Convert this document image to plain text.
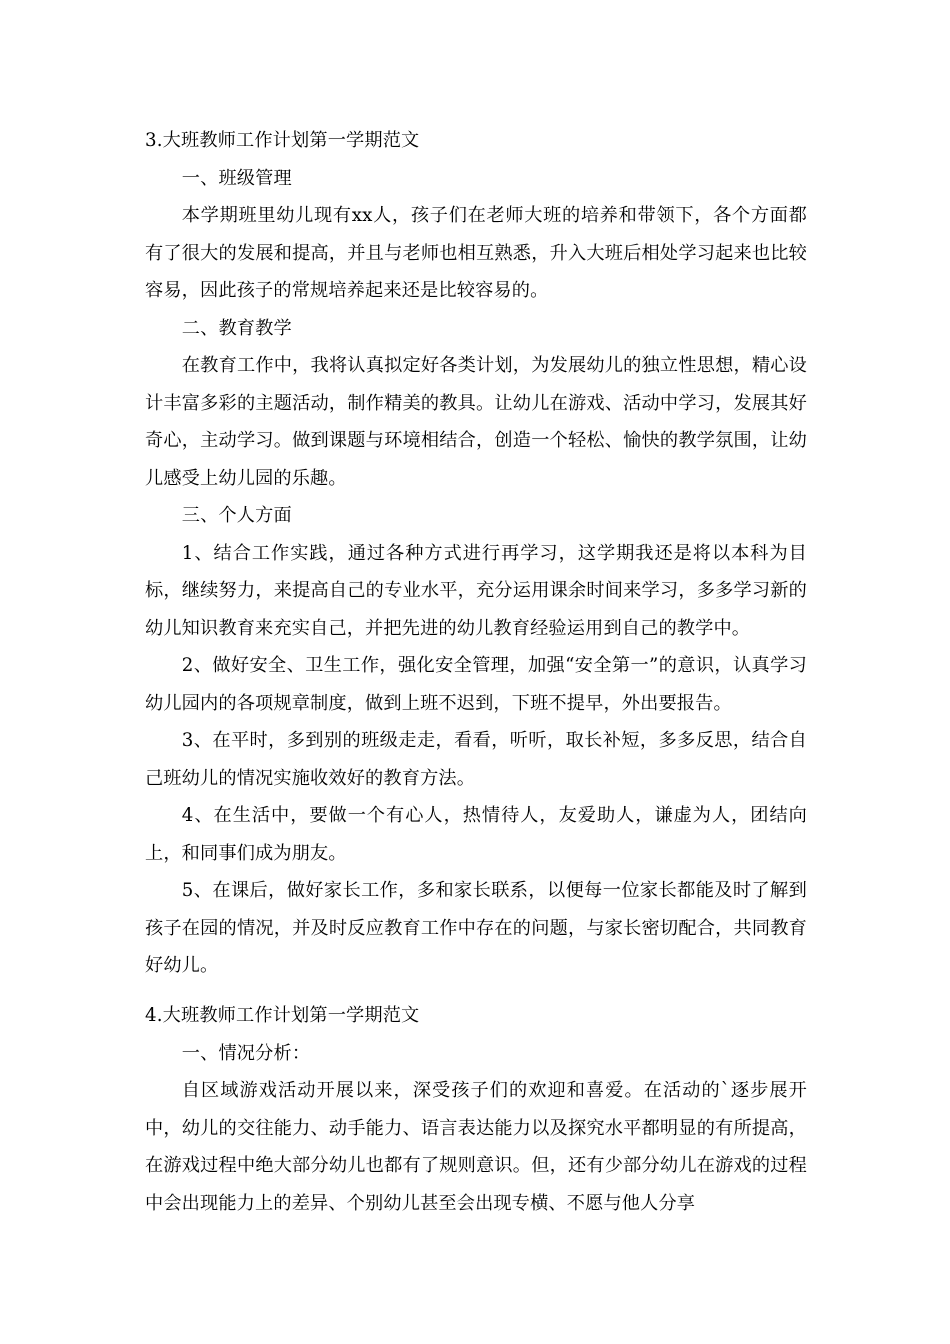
3.大班教师工作计划第一学期范文

一、班级管理

本学期班里幼儿现有xx人，孩子们在老师大班的培养和带领下，各个方面都有了很大的发展和提高，并且与老师也相互熟悉，升入大班后相处学习起来也比较容易，因此孩子的常规培养起来还是比较容易的。

二、教育教学

在教育工作中，我将认真拟定好各类计划，为发展幼儿的独立性思想，精心设计丰富多彩的主题活动，制作精美的教具。让幼儿在游戏、活动中学习，发展其好奇心，主动学习。做到课题与环境相结合，创造一个轻松、愉快的教学氛围，让幼儿感受上幼儿园的乐趣。

三、个人方面

1、结合工作实践，通过各种方式进行再学习，这学期我还是将以本科为目标，继续努力，来提高自己的专业水平，充分运用课余时间来学习，多多学习新的幼儿知识教育来充实自己，并把先进的幼儿教育经验运用到自己的教学中。

2、做好安全、卫生工作，强化安全管理，加强“安全第一”的意识，认真学习幼儿园内的各项规章制度，做到上班不迟到，下班不提早，外出要报告。

3、在平时，多到别的班级走走，看看，听听，取长补短，多多反思，结合自己班幼儿的情况实施收效好的教育方法。

4、在生活中，要做一个有心人，热情待人，友爱助人，谦虚为人，团结向上，和同事们成为朋友。

5、在课后，做好家长工作，多和家长联系，以便每一位家长都能及时了解到孩子在园的情况，并及时反应教育工作中存在的问题，与家长密切配合，共同教育好幼儿。

4.大班教师工作计划第一学期范文

一、情况分析：

自区域游戏活动开展以来，深受孩子们的欢迎和喜爱。在活动的`逐步展开中，幼儿的交往能力、动手能力、语言表达能力以及探究水平都明显的有所提高，在游戏过程中绝大部分幼儿也都有了规则意识。但，还有少部分幼儿在游戏的过程中会出现能力上的差异、个别幼儿甚至会出现专横、不愿与他人分享
